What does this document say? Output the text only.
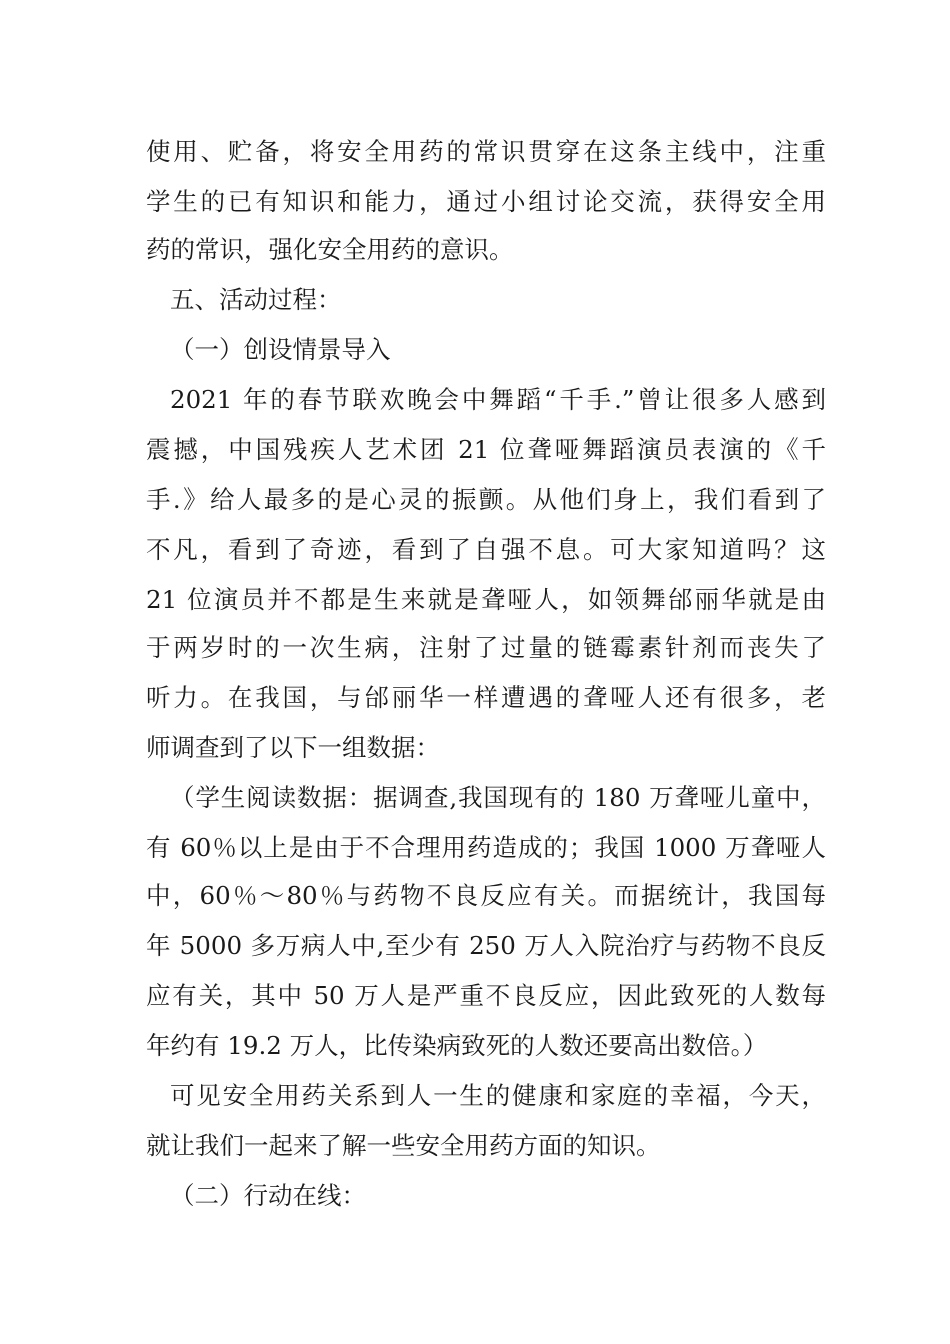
使用、贮备，将安全用药的常识贯穿在这条主线中，注重
学生的已有知识和能力，通过小组讨论交流，获得安全用
药的常识，强化安全用药的意识。
五、活动过程：
（一）创设情景导入
2021 年的春节联欢晚会中舞蹈“千手.”曾让很多人感到
震撼，中国残疾人艺术团 21 位聋哑舞蹈演员表演的《千
手.》给人最多的是心灵的振颤。从他们身上，我们看到了
不凡，看到了奇迹，看到了自强不息。可大家知道吗？这
21 位演员并不都是生来就是聋哑人，如领舞邰丽华就是由
于两岁时的一次生病，注射了过量的链霉素针剂而丧失了
听力。在我国，与邰丽华一样遭遇的聋哑人还有很多，老
师调查到了以下一组数据：
（学生阅读数据：据调查,我国现有的 180 万聋哑儿童中，
有 60％以上是由于不合理用药造成的；我国 1000 万聋哑人
中，60％～80％与药物不良反应有关。而据统计，我国每
年 5000 多万病人中,至少有 250 万人入院治疗与药物不良反
应有关，其中 50 万人是严重不良反应，因此致死的人数每
年约有 19.2 万人，比传染病致死的人数还要高出数倍。）
可见安全用药关系到人一生的健康和家庭的幸福，今天，
就让我们一起来了解一些安全用药方面的知识。
（二）行动在线：
